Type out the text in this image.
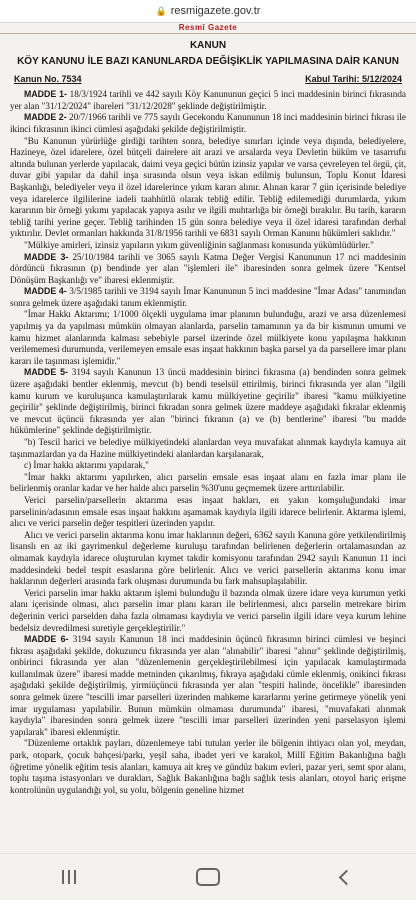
🔒 resmigazete.gov.tr
Resmî Gazete
KANUN
KÖY KANUNU İLE BAZI KANUNLARDA DEĞİŞİKLİK YAPILMASINA DAİR KANUN
Kanun No. 7534	Kabul Tarihi: 5/12/2024

MADDE 1- 18/3/1924 tarihli ve 442 sayılı Köy Kanununun geçici 5 inci maddesinin birinci fıkrasında yer alan "31/12/2024" ibareleri "31/12/2028" şeklinde değiştirilmiştir.

MADDE 2- 20/7/1966 tarihli ve 775 sayılı Gecekondu Kanununun 18 inci maddesinin birinci fıkrası ile ikinci fıkrasının ikinci cümlesi aşağıdaki şekilde değiştirilmiştir.

"Bu Kanunun yürürlüğe girdiği tarihten sonra, belediye sınırları içinde veya dışında, belediyelere, Hazineye, özel idarelere, özel bütçeli dairelere ait arazi ve arsalarda veya Devletin hüküm ve tasarrufu altında bulunan yerlerde yapılacak, daimi veya geçici bütün izinsiz yapılar ve varsa çevreleyen tel örgü, çit, duvar gibi yapılar da dahil inşa sırasında olsun veya iskan edilmiş bulunsun, Toplu Konut İdaresi Başkanlığı, belediyeler veya il özel idarelerince yıkım kararı alınır. Alınan karar 7 gün içerisinde belediye veya idarelerce ilgililerine iadeli taahhütlü olarak tebliğ edilir. Tebliğ edilemediği durumlarda, yıkım kararının bir örneği yıkımı yapılacak yapıya asılır ve ilgili muhtarlığa bir örneği bırakılır. Bu tarih, kararın tebliğ tarihi yerine geçer. Tebliğ tarihinden 15 gün sonra belediye veya il özel idaresi tarafından derhal yıktırılır. Devlet ormanları hakkında 31/8/1956 tarihli ve 6831 sayılı Orman Kanunu hükümleri saklıdır."

"Mülkiye amirleri, izinsiz yapıların yıkım güvenliğinin sağlanması konusunda yükümlüdürler."

MADDE 3- 25/10/1984 tarihli ve 3065 sayılı Katma Değer Vergisi Kanununun 17 nci maddesinin dördüncü fıkrasının (p) bendinde yer alan "işlemleri ile" ibaresinden sonra gelmek üzere "Kentsel Dönüşüm Başkanlığı ve" ibaresi eklenmiştir.

MADDE 4- 3/5/1985 tarihli ve 3194 sayılı İmar Kanununun 5 inci maddesine "İmar Adası" tanımından sonra gelmek üzere aşağıdaki tanım eklenmiştir.

"İmar Hakkı Aktarımı; 1/1000 ölçekli uygulama imar planının bulunduğu, arazi ve arsa düzenlemesi yapılmış ya da yapılması mümkün olmayan alanlarda, parselin tamamının ya da bir kısmının umumi ve kamu hizmet alanlarında kalması sebebiyle parsel üzerinde özel mülkiyete konu yapılaşma hakkının verilememesi durumunda, verilemeyen emsale esas inşaat hakkının başka parsel ya da parsellere imar planı kararı ile taşınması işlemidir."

MADDE 5- 3194 sayılı Kanunun 13 üncü maddesinin birinci fıkrasına (a) bendinden sonra gelmek üzere aşağıdaki bentler eklenmiş, mevcut (b) bendi teselsül ettirilmiş, birinci fıkrasında yer alan "ilgili kamu kurum ve kuruluşunca kamulaştırılarak kamu mülkiyetine geçirilir" ibaresi "kamu mülkiyetine geçirilir" şeklinde değiştirilmiş, birinci fıkradan sonra gelmek üzere maddeye aşağıdaki fıkralar eklenmiş ve mevcut üçüncü fıkrasında yer alan "birinci fıkranın (a) ve (b) bentlerine" ibaresi "bu madde hükümlerine" şeklinde değiştirilmiştir.

"b) Tescil harici ve belediye mülkiyetindeki alanlardan veya muvafakat alınmak kaydıyla kamuya ait taşınmazlardan ya da Hazine mülkiyetindeki alanlardan karşılanarak,

c) İmar hakkı aktarımı yapılarak,"

"İmar hakkı aktarımı yapılırken, alıcı parselin emsale esas inşaat alanı en fazla imar planı ile belirlenmiş oranlar kadar ve her halde alıcı parselin %30'unu geçmemek üzere arttırılabilir.

Verici parselin/parsellerin aktarıma esas inşaat hakları, en yakın komşuluğundaki imar parselinin/adasının emsale esas inşaat hakkını aşamamak kaydıyla ilgili idarece belirlenir. Aktarma işlemi, alıcı ve verici parselin değer tespitleri üzerinden yapılır.

Alıcı ve verici parselin aktarıma konu imar haklarının değeri, 6362 sayılı Kanuna göre yetkilendirilmiş lisanslı en az iki gayrimenkul değerleme kuruluşu tarafından belirlenen değerlerin ortalamasından az olmamak kaydıyla idarece oluşturulan kıymet takdir komisyonu tarafından 2942 sayılı Kanunun 11 inci maddesindeki bedel tespit esaslarına göre belirlenir. Alıcı ve verici parsellerin aktarıma konu imar haklarının değerleri arasında fark oluşması durumunda bu fark mahsuplaşılabilir.

Verici parselin imar hakkı aktarım işlemi bulunduğu il bazında olmak üzere idare veya kurumun yetki alanı içerisinde olması, alıcı parselin imar planı kararı ile belirlenmesi, alıcı parselin metrekare birim değerinin verici parselden daha fazla olmaması kaydıyla ve verici parselin ilgili idare veya kurum lehine bedelsiz devredilmesi suretiyle gerçekleştirilir."

MADDE 6- 3194 sayılı Kanunun 18 inci maddesinin üçüncü fıkrasının birinci cümlesi ve beşinci fıkrası aşağıdaki şekilde, dokuzuncu fıkrasında yer alan "alınabilir" ibaresi "alınır" şeklinde değiştirilmiş, onbirinci fıkrasında yer alan "düzenlemenin gerçekleştirilebilmesi için yapılacak kamulaştırmada kullanılmak üzere" ibaresi madde metninden çıkarılmış, fıkraya aşağıdaki cümle eklenmiş, onikinci fıkrası aşağıdaki şekilde değiştirilmiş, yirmiüçüncü fıkrasında yer alan "tespiti halinde, öncelikle" ibaresinden sonra gelmek üzere "tescilli imar parselleri üzerinden mahkeme kararlarını yerine getirmeye yönelik yeni imar uygulaması yapılabilir. Bunun mümkün olmaması durumunda" ibaresi, "muvafakati alınmak kaydıyla" ibaresinden sonra gelmek üzere "tescilli imar parselleri üzerinden yeni parselasyon işlemi yapılarak" ibaresi eklenmiştir.

"Düzenleme ortaklık payları, düzenlemeye tabi tutulan yerler ile bölgenin ihtiyacı olan yol, meydan, park, otopark, çocuk bahçesi/parkı, yeşil saha, ibadet yeri ve karakol, Millî Eğitim Bakanlığına bağlı öğretime yönelik eğitim tesis alanları, kamuya ait kreş ve gündüz bakım evleri, pazar yeri, semt spor alanı, toplu taşıma istasyonları ve durakları, Sağlık Bakanlığına bağlı sağlık tesis alanları, otoyol hariç erişme kontrolünün uygulandığı yol, su yolu, bölgenin geneline hizmet
